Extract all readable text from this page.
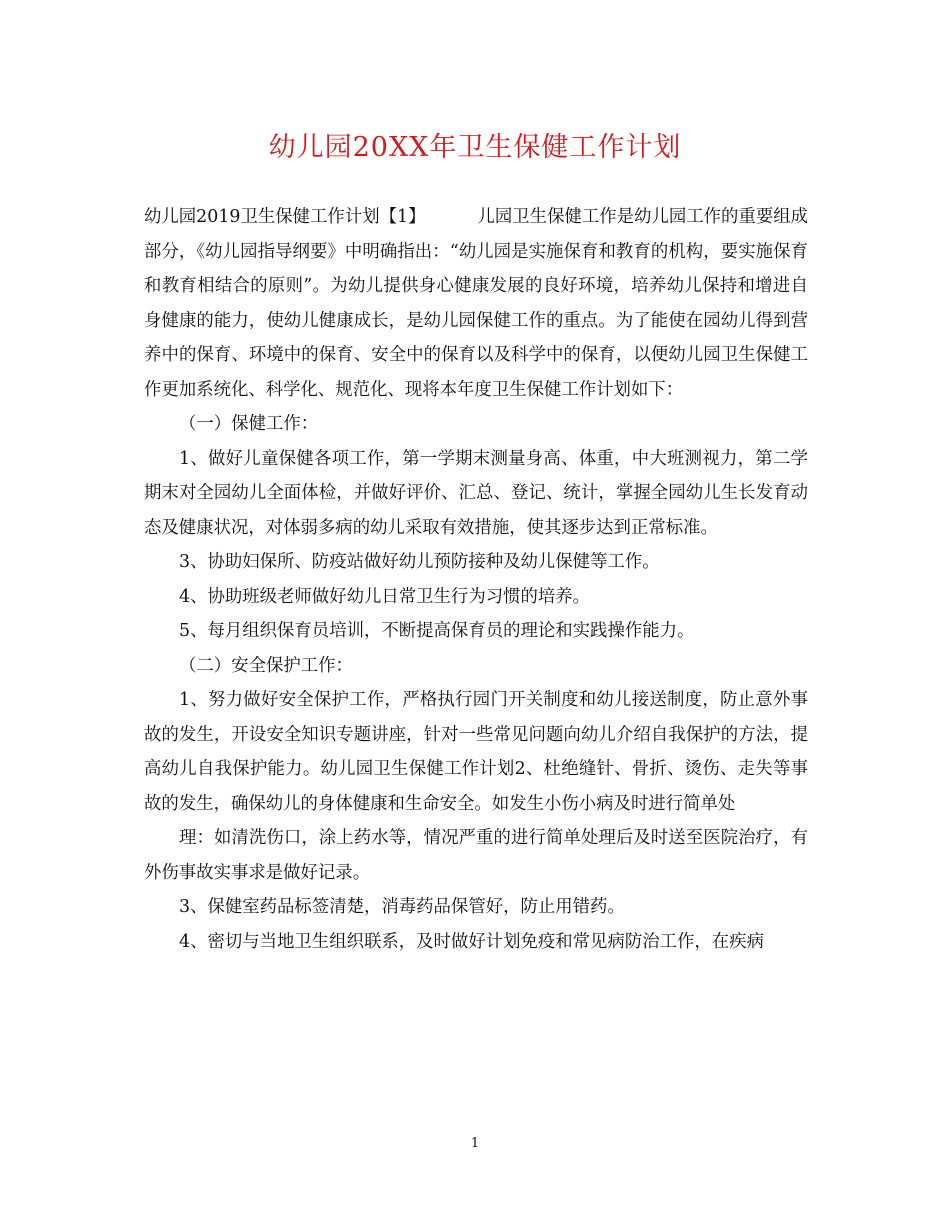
幼儿园20XX年卫生保健工作计划

幼儿园2019卫生保健工作计划【1】	儿园卫生保健工作是幼儿园工作的重要组成部分，《幼儿园指导纲要》中明确指出：“幼儿园是实施保育和教育的机构，要实施保育和教育相结合的原则”。为幼儿提供身心健康发展的良好环境，培养幼儿保持和增进自身健康的能力，使幼儿健康成长，是幼儿园保健工作的重点。为了能使在园幼儿得到营养中的保育、环境中的保育、安全中的保育以及科学中的保育，以便幼儿园卫生保健工作更加系统化、科学化、规范化、现将本年度卫生保健工作计划如下：

（一）保健工作：

1、做好儿童保健各项工作，第一学期末测量身高、体重，中大班测视力，第二学期末对全园幼儿全面体检，并做好评价、汇总、登记、统计，掌握全园幼儿生长发育动态及健康状况，对体弱多病的幼儿采取有效措施，使其逐步达到正常标准。

3、协助妇保所、防疫站做好幼儿预防接种及幼儿保健等工作。

4、协助班级老师做好幼儿日常卫生行为习惯的培养。

5、每月组织保育员培训，不断提高保育员的理论和实践操作能力。

（二）安全保护工作：

1、努力做好安全保护工作，严格执行园门开关制度和幼儿接送制度，防止意外事故的发生，开设安全知识专题讲座，针对一些常见问题向幼儿介绍自我保护的方法，提高幼儿自我保护能力。幼儿园卫生保健工作计划2、杜绝缝针、骨折、烫伤、走失等事故的发生，确保幼儿的身体健康和生命安全。如发生小伤小病及时进行简单处

理：如清洗伤口，涂上药水等，情况严重的进行简单处理后及时送至医院治疗，有外伤事故实事求是做好记录。

3、保健室药品标签清楚，消毒药品保管好，防止用错药。

4、密切与当地卫生组织联系，及时做好计划免疫和常见病防治工作，在疾病

1
